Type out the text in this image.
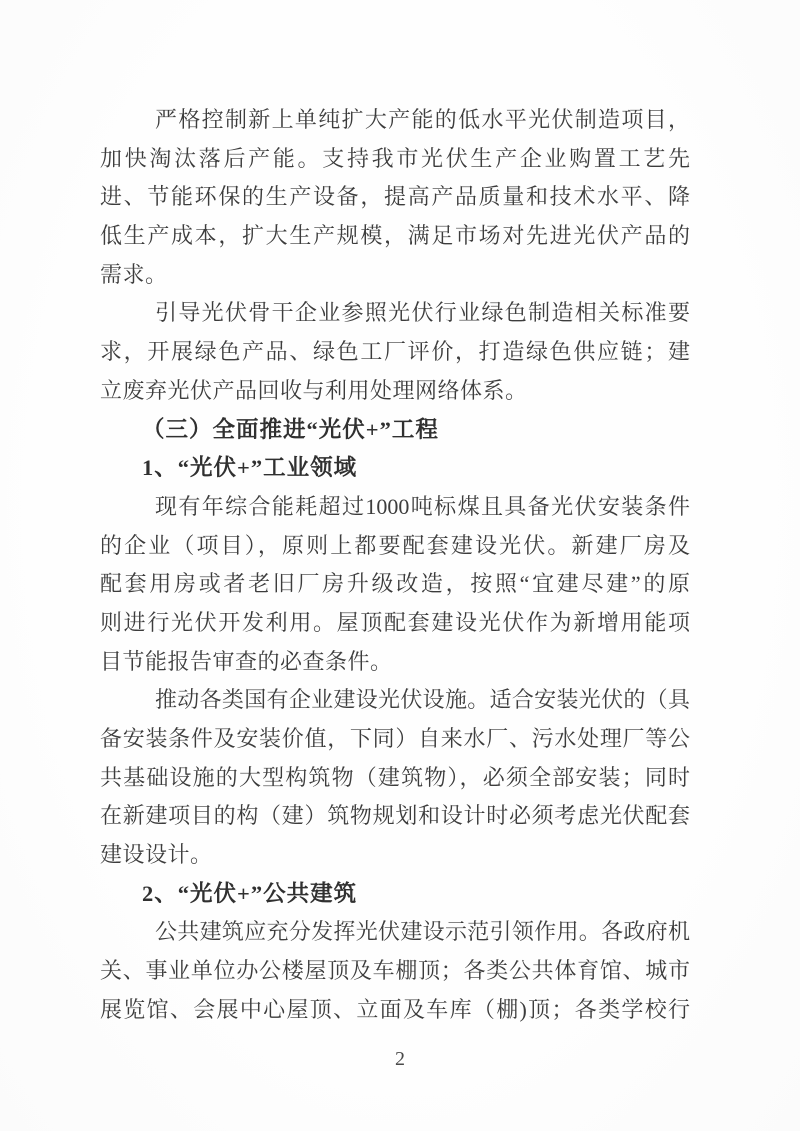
严格控制新上单纯扩大产能的低水平光伏制造项目，
加快淘汰落后产能。支持我市光伏生产企业购置工艺先
进、节能环保的生产设备，提高产品质量和技术水平、降
低生产成本，扩大生产规模，满足市场对先进光伏产品的
需求。
引导光伏骨干企业参照光伏行业绿色制造相关标准要
求，开展绿色产品、绿色工厂评价，打造绿色供应链；建
立废弃光伏产品回收与利用处理网络体系。
（三）全面推进“光伏+”工程
1、“光伏+”工业领域
现有年综合能耗超过1000吨标煤且具备光伏安装条件
的企业（项目），原则上都要配套建设光伏。新建厂房及
配套用房或者老旧厂房升级改造，按照“宜建尽建”的原
则进行光伏开发利用。屋顶配套建设光伏作为新增用能项
目节能报告审查的必查条件。
推动各类国有企业建设光伏设施。适合安装光伏的（具
备安装条件及安装价值，下同）自来水厂、污水处理厂等公
共基础设施的大型构筑物（建筑物），必须全部安装；同时
在新建项目的构（建）筑物规划和设计时必须考虑光伏配套
建设设计。
2、“光伏+”公共建筑
公共建筑应充分发挥光伏建设示范引领作用。各政府机
关、事业单位办公楼屋顶及车棚顶；各类公共体育馆、城市
展览馆、会展中心屋顶、立面及车库（棚)顶；各类学校行
2
